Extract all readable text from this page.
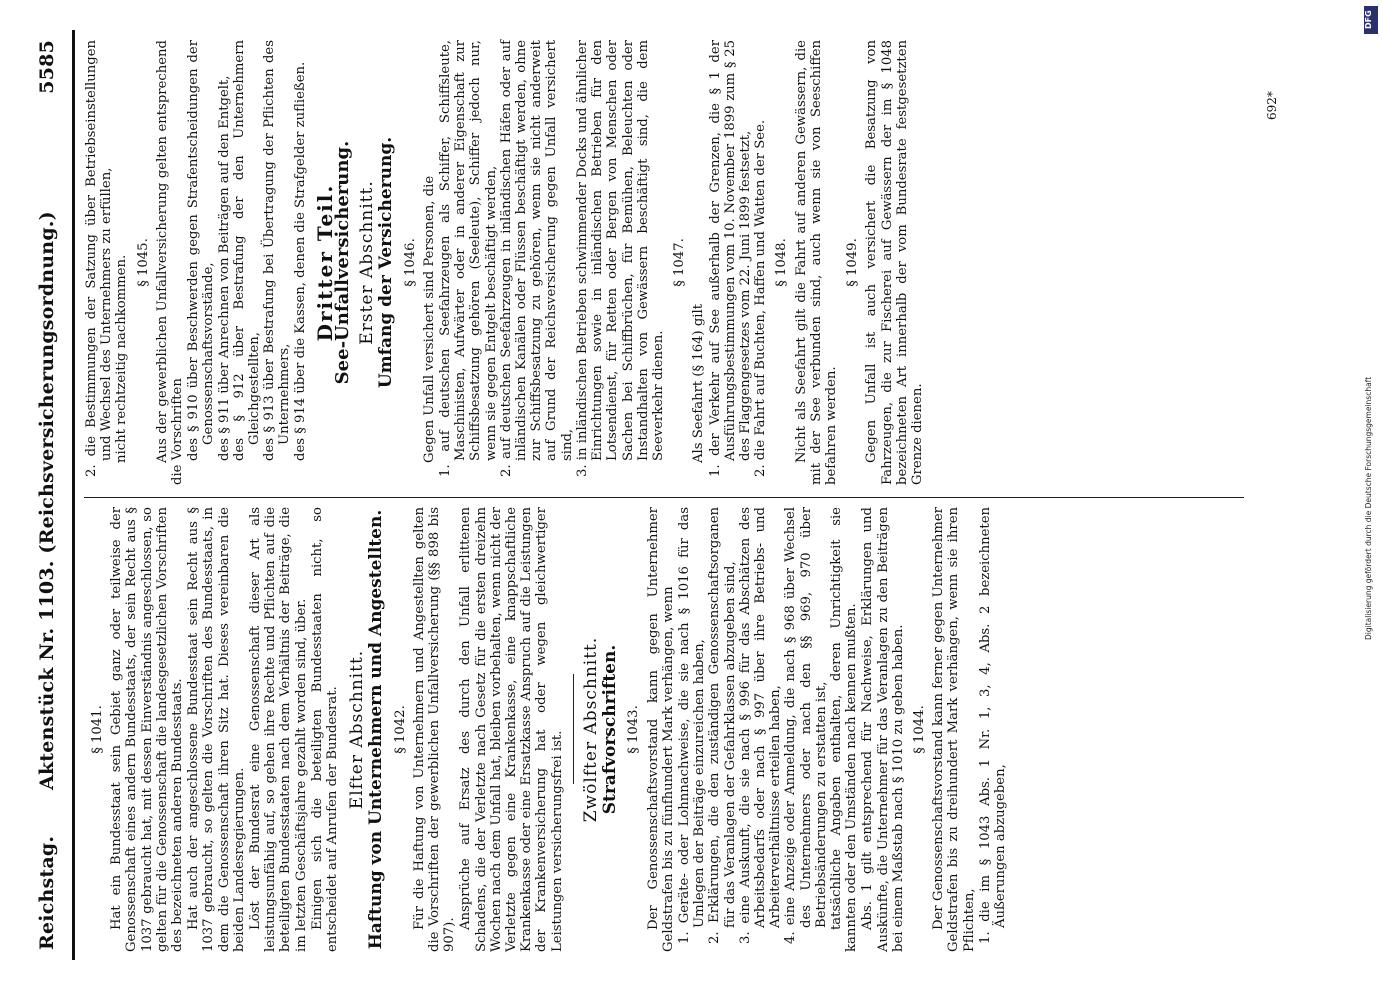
Reichstag.
Aktenstück Nr. 1103. (Reichsversicherungsordnung.)
5585
§ 1041. Hat ein Bundesstaat sein Gebiet ganz oder teilweise der Genossenschaft eines andern Bundesstaats, der sein Recht aus § 1037 gebraucht hat, mit dessen Einverständnis angeschlossen, so gelten für die Genossenschaft die landesgesetzlichen Vorschriften des bezeichneten anderen Bundesstaats. Hat auch der angeschlossene Bundesstaat sein Recht aus § 1037 gebraucht, so gelten die Vorschriften des Bundesstaats, in dem die Genossenschaft ihren Sitz hat. Dieses vereinbaren die beiden Landesregierungen. Löst der Bundesrat eine Genossenschaft dieser Art als leistungsunfähig auf, so gehen ihre Rechte und Pflichten auf die beteiligten Bundesstaaten nach dem Verhältnis der Beiträge, die im letzten Geschäftsjahre gezahlt worden sind, über. Einigen sich die beteiligten Bundesstaaten nicht, so entscheidet auf Anrufen der Bundesrat. Elfter Abschnitt. Haftung von Unternehmern und Angestellten. § 1042. Für die Haftung von Unternehmern und Angestellten gelten die Vorschriften der gewerblichen Unfallversicherung (§§ 898 bis 907).
Ansprüche auf Ersatz des durch den Unfall erlittenen Schadens, die der Verletzte nach Gesetz für die ersten dreizehn Wochen nach dem Unfall hat, bleiben vorbehalten, wenn nicht der Verletzte gegen eine Krankenkasse, eine knappschaftliche Krankenkasse oder eine Ersatzkasse Anspruch auf die Leistungen der Krankenversicherung hat oder wegen gleichwertiger Leistungen versicherungsfrei ist.
Zwölfter Abschnitt. Strafvorschriften. § 1043. Der Genossenschaftsvorstand kann gegen Unternehmer Geldstrafen bis zu fünfhundert Mark verhängen, wenn 1. Geräte- oder Lohnnachweise, die sie nach § 1016 für das Umlegen der Beiträge einzureichen haben, 2. Erklärungen, die den zuständigen Genossenschaftsorganen für das Veranlagen der Gefahrklassen abzugeben sind, 3. eine Auskunft, die sie nach § 996 für das Abschätzen des Arbeitsbedarfs oder nach § 997 über ihre Betriebs- und Arbeiterverhältnisse erteilen haben, 4. eine Anzeige oder Anmeldung, die nach § 968 über Wechsel des Unternehmers oder nach den §§ 969, 970 über Betriebsänderungen zu erstatten ist, tatsächliche Angaben enthalten, deren Unrichtigkeit sie kannten oder den Umständen nach kennen mußten. Abs. 1 gilt entsprechend für Nachweise, Erklärungen und Auskünfte, die Unternehmer für das Veranlagen zu den Beiträgen bei einem Maßstab nach § 1010 zu geben haben. § 1044. Der Genossenschaftsvorstand kann ferner gegen Unternehmer Geldstrafen bis zu dreihundert Mark verhängen, wenn sie ihren Pflichten, 1. die im § 1043 Abs. 1 Nr. 1, 3, 4, Abs. 2 bezeichneten Äußerungen abzugeben,
2. die Bestimmungen der Satzung über Betriebseinstellungen und Wechsel des Unternehmers zu erfüllen, nicht rechtzeitig nachkommen. § 1045. Aus der gewerblichen Unfallversicherung gelten entsprechend die Vorschriften des § 910 über Beschwerden gegen Strafentscheidungen der Genossenschaftsvorstände, des § 911 über Anrechnen von Beiträgen auf den Entgelt, des § 912 über Bestrafung der den Unternehmern Gleichgestellten, des § 913 über Bestrafung bei Übertragung der Pflichten des Unternehmers, des § 914 über die Kassen, denen die Strafgelder zufließen. Dritter Teil.
See-Unfallversicherung. Erster Abschnitt. Umfang der Versicherung. § 1046. Gegen Unfall versichert sind Personen, die 1. auf deutschen Seefahrzeugen als Schiffer, Schiffsleute, Maschinisten, Aufwärter oder in anderer Eigenschaft zur Schiffsbesatzung gehören (Seeleute), Schiffer jedoch nur, wenn sie gegen Entgelt beschäftigt werden, 2. auf deutschen Seefahrzeugen in inländischen Häfen oder auf inländischen Kanälen oder Flüssen beschäftigt werden, ohne zur Schiffsbesatzung zu gehören, wenn sie nicht anderweit auf Grund der Reichsversicherung gegen Unfall versichert sind, 3. in inländischen Betrieben schwimmender Docks und ähnlicher Einrichtungen sowie in inländischen Betrieben für den Lotsendienst, für Retten oder Bergen von Menschen oder Sachen bei Schiffbrüchen, für Bemühen, Beleuchten oder Instandhalten von Gewässern beschäftigt sind, die dem Seeverkehr dienen.
§ 1047.
Als Seefahrt (§ 164) gilt 1. der Verkehr auf See außerhalb der Grenzen, die § 1 der Ausführungsbestimmungen vom 10. November 1899 zum § 25 des Flaggengesetzes vom 22. Juni 1899 festsetzt, 2. die Fahrt auf Buchten, Haffen und Watten der See. § 1048. Nicht als Seefahrt gilt die Fahrt auf anderen Gewässern, die mit der See verbunden sind, auch wenn sie von Seeschiffen befahren werden.
§ 1049. Gegen Unfall ist auch versichert die Besatzung von Fahrzeugen, die zur Fischerei auf Gewässern der im § 1048 bezeichneten Art innerhalb der vom Bundesrate festgesetzten Grenze dienen.
692*
DFG
Digitalisierung gefördert durch die Deutsche Forschungsgemeinschaft
